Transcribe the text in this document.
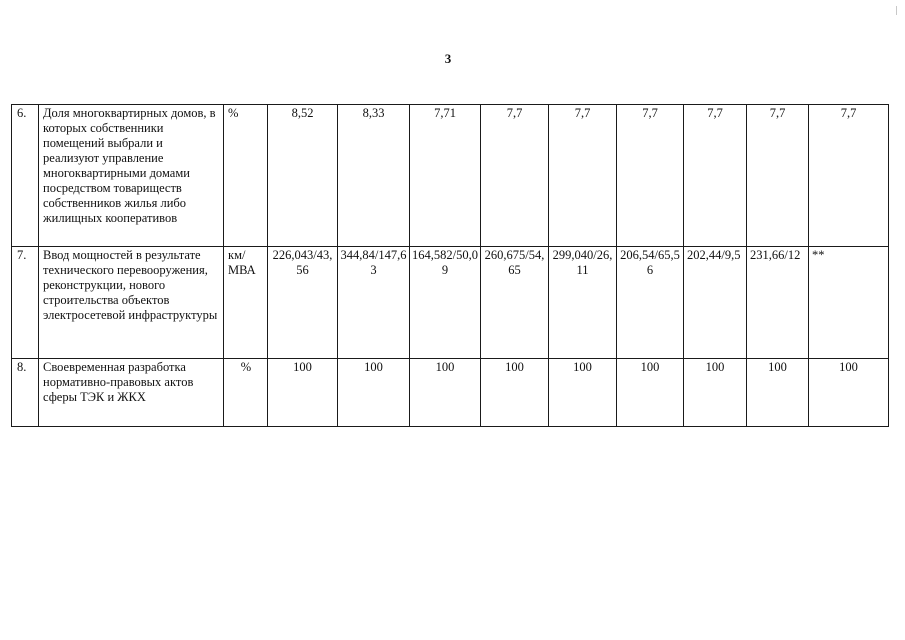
3
6.	Доля многоквартирных домов, в которых собственники помещений выбрали и реализуют управление многоквартирными домами посредством товариществ собственников жилья либо жилищных кооперативов	%	8,52	8,33	7,71	7,7	7,7	7,7	7,7	7,7	7,7
7.	Ввод мощностей в результате технического перевооружения, реконструкции, нового строительства объектов электросетевой инфраструктуры	км/ МВА	226,043/43,56	344,84/147,63	164,582/50,09	260,675/54,65	299,040/26,11	206,54/65,56	202,44/9,5	231,66/12	**
8.	Своевременная разработка нормативно-правовых актов сферы ТЭК и ЖКХ	%	100	100	100	100	100	100	100	100	100
